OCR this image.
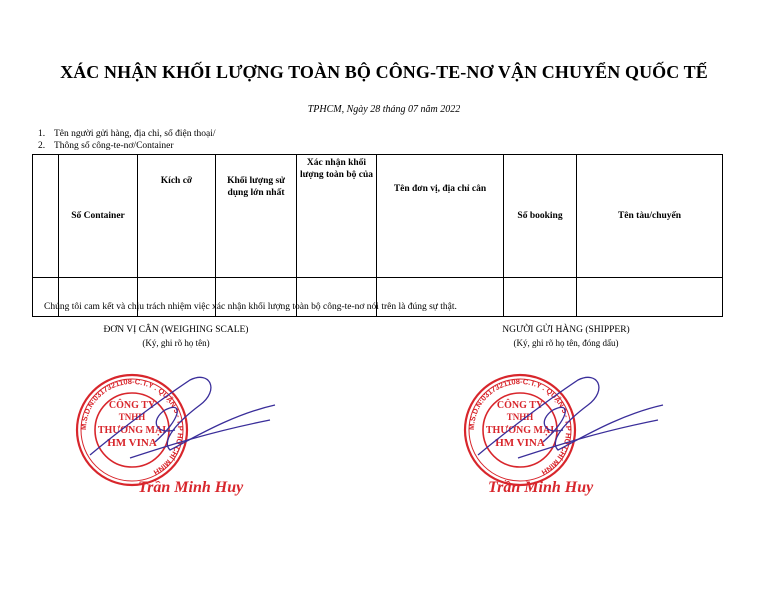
XÁC NHẬN KHỐI LƯỢNG TOÀN BỘ CÔNG-TE-NƠ VẬN CHUYỂN QUỐC TẾ
TPHCM, Ngày 28 tháng 07 năm 2022
1. Tên người gửi hàng, địa chỉ, số điện thoại/
2. Thông số công-te-nơ/Container
	Số Container	Kích cỡ	Khối lượng sử dụng lớn nhất	Xác nhận khối lượng toàn bộ của	Tên đơn vị, địa chỉ cân	Số booking	Tên tàu/chuyến

Chúng tôi cam kết và chịu trách nhiệm việc xác nhận khối lượng toàn bộ công-te-nơ nói trên là đúng sự thật.
ĐƠN VỊ CÂN (WEIGHING SCALE)
(Ký, ghi rõ họ tên)
NGƯỜI GỬI HÀNG (SHIPPER)
(Ký, ghi rõ họ tên, đóng dấu)
M.S.D.N:0317321108-C.T.Y . QUẬN 5 - T.P HỒ CHÍ MINH
CÔNG TY
TNHH
THƯƠNG MẠI
HM VINA
Trần Minh Huy
M.S.D.N:0317321108-C.T.Y . QUẬN 5 - T.P HỒ CHÍ MINH
CÔNG TY
TNHH
THƯƠNG MẠI
HM VINA
Trần Minh Huy
